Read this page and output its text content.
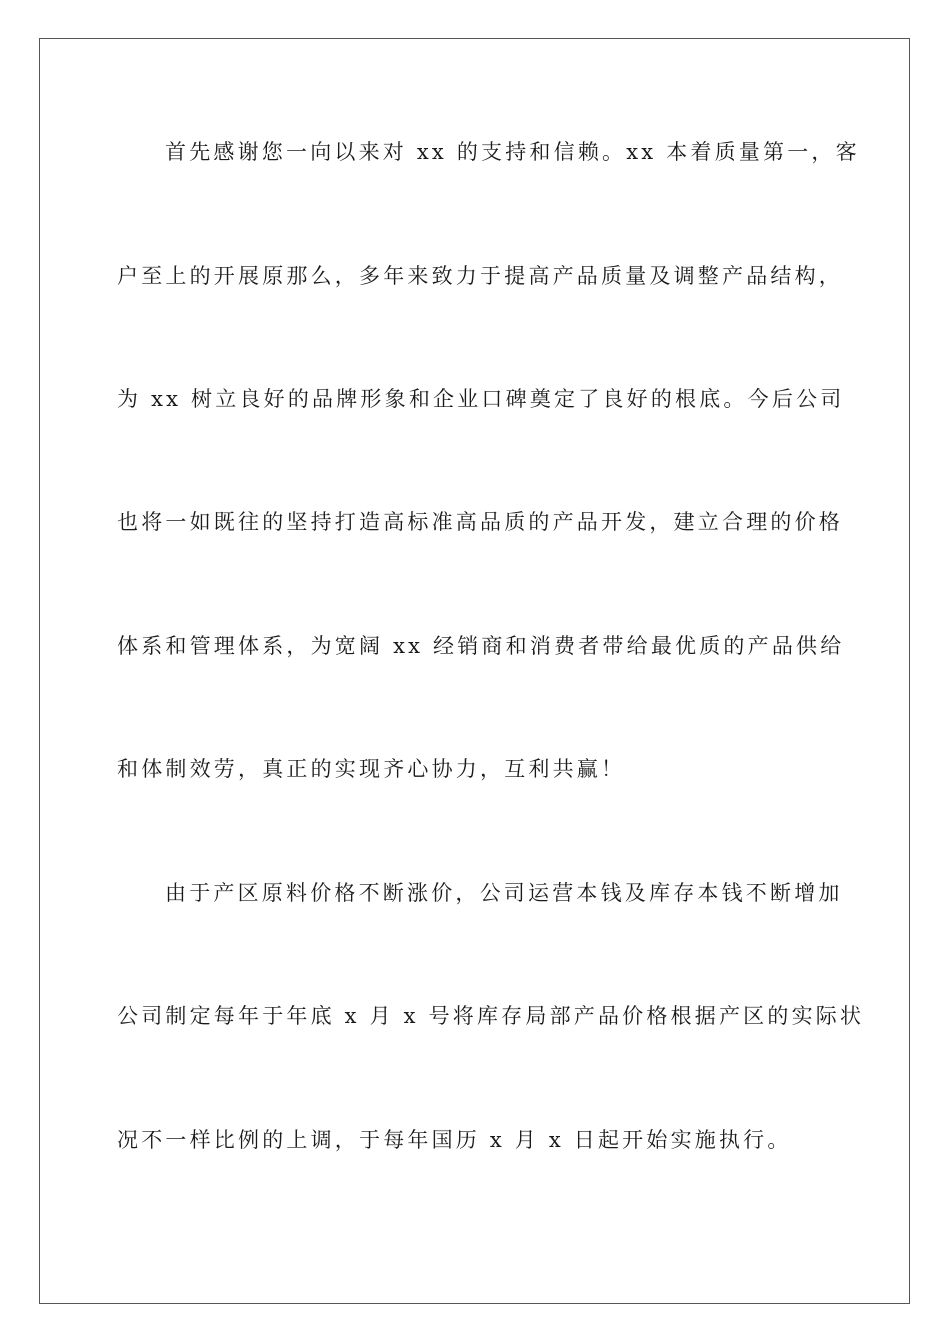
首先感谢您一向以来对 xx 的支持和信赖。xx 本着质量第一，客
户至上的开展原那么，多年来致力于提高产品质量及调整产品结构，
为 xx 树立良好的品牌形象和企业口碑奠定了良好的根底。今后公司
也将一如既往的坚持打造高标准高品质的产品开发，建立合理的价格
体系和管理体系，为宽阔 xx 经销商和消费者带给最优质的产品供给
和体制效劳，真正的实现齐心协力，互利共赢！
由于产区原料价格不断涨价，公司运营本钱及库存本钱不断增加
公司制定每年于年底 x 月 x 号将库存局部产品价格根据产区的实际状
况不一样比例的上调，于每年国历 x 月 x 日起开始实施执行。
